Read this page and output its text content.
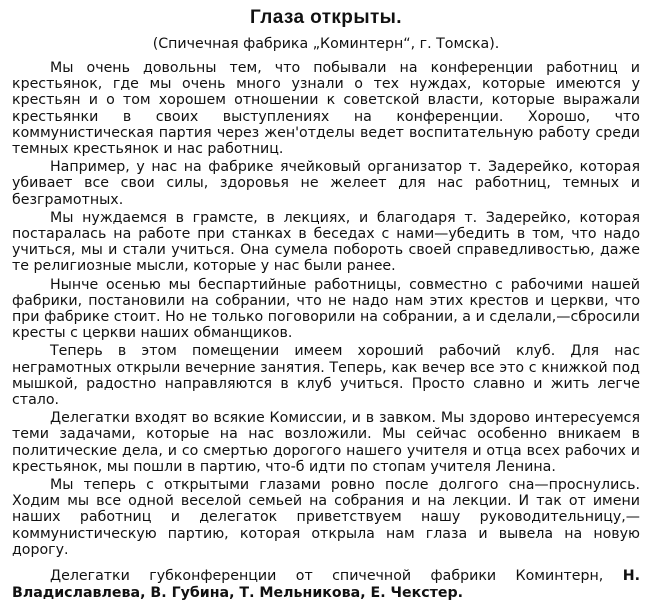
Глаза открыты.
(Спичечная фабрика „Коминтерн“, г. Томска).

Мы очень довольны тем, что побывали на конференции работниц и крестьянок, где мы очень много узнали о тех нуждах, которые имеются у крестьян и о том хорошем отношении к советской власти, которые выражали крестьянки в своих выступлениях на конференции. Хорошо, что коммунистическая партия через жен'отделы ведет воспитательную работу среди темных крестьянок и нас работниц.

Например, у нас на фабрике ячейковый организатор т. Задерейко, которая убивает все свои силы, здоровья не желеет для нас работниц, темных и безграмотных.

Мы нуждаемся в грамсте, в лекциях, и благодаря т. Задерейко, которая постаралась на работе при станках в беседах с нами—убедить в том, что надо учиться, мы и стали учиться. Она сумела побороть своей справедливостью, даже те религиозные мысли, которые у нас были ранее.

Нынче осенью мы беспартийные работницы, совместно с рабочими нашей фабрики, постановили на собрании, что не надо нам этих крестов и церкви, что при фабрике стоит. Но не только поговорили на собрании, а и сделали,—сбросили кресты с церкви наших обманщиков.

Теперь в этом помещении имеем хороший рабочий клуб. Для нас неграмотных открыли вечерние занятия. Теперь, как вечер все это с книжкой под мышкой, радостно направляются в клуб учиться. Просто славно и жить легче стало.

Делегатки входят во всякие Комиссии, и в завком. Мы здорово интересуемся теми задачами, которые на нас возложили. Мы сейчас особенно вникаем в политические дела, и со смертью дорогого нашего учителя и отца всех рабочих и крестьянок, мы пошли в партию, что-б идти по стопам учителя Ленина.

Мы теперь с открытыми глазами ровно после долгого сна—проснулись. Ходим мы все одной веселой семьей на собрания и на лекции. И так от имени наших работниц и делегаток приветствуем нашу руководительницу,—коммунистическую партию, которая открыла нам глаза и вывела на новую дорогу.

Делегатки губконференции от спичечной фабрики Коминтерн, Н. Владиславлева, В. Губина, Т. Мельникова, Е. Чекстер.
